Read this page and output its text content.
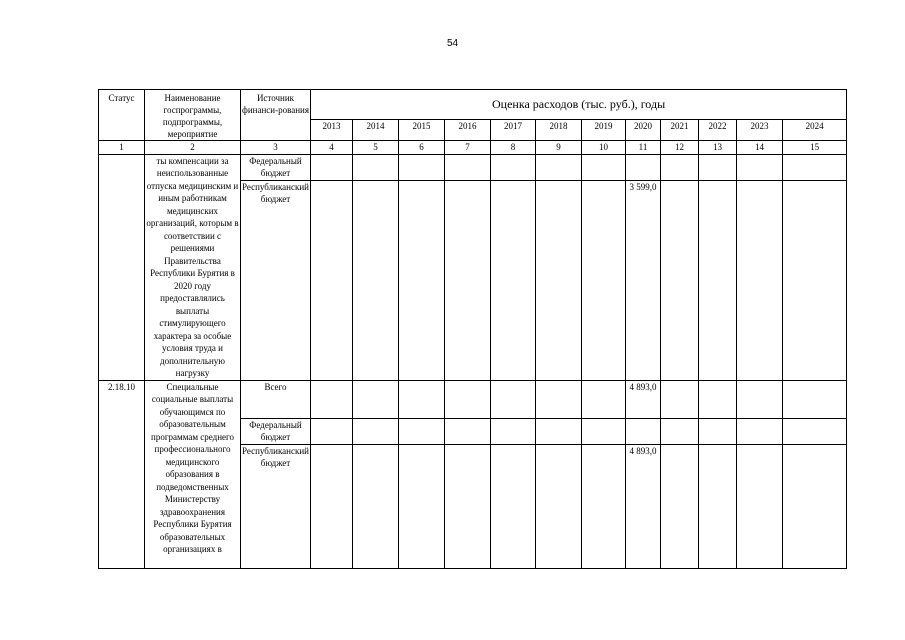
54
Статус	Наименование госпрограммы, подпрограммы, мероприятие	Источник финанси-рования	Оценка расходов (тыс. руб.), годы											
			2013	2014	2015	2016	2017	2018	2019	2020	2021	2022	2023	2024
1	2	3	4	5	6	7	8	9	10	11	12	13	14	15
	ты компенсации за неиспользованные отпуска медицинским и иным работникам медицинских организаций, которым в соответствии с решениями Правительства Республики Бурятия в 2020 году предоставлялись выплаты стимулирующего характера за особые условия труда и дополнительную нагрузку	Федеральный бюджет												
		Республиканский бюджет								3 599,0				
2.18.10	Специальные социальные выплаты обучающимся по образовательным программам среднего профессионального медицинского образования в подведомственных Министерству здравоохранения Республики Бурятия образовательных организациях в	Всего								4 893,0				
		Федеральный бюджет												
		Республиканский бюджет								4 893,0				
